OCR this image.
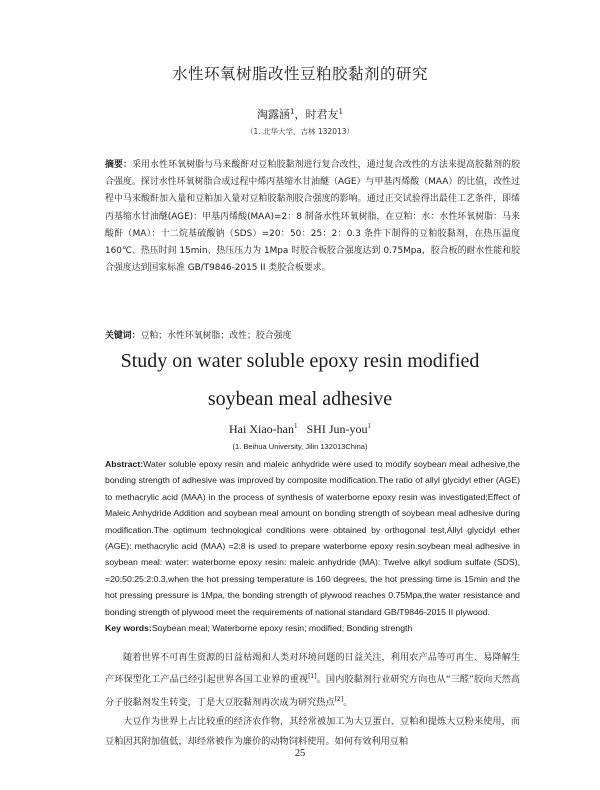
水性环氧树脂改性豆粕胶黏剂的研究
淘露涵$^1$，时君友$^1$
（1. 北华大学，吉林 132013）
摘要：采用水性环氧树脂与马来酸酐对豆粕胶黏剂进行复合改性，通过复合改性的方法来提高胶黏剂的胶合强度。探讨水性环氧树脂合成过程中烯丙基缩水甘油醚（AGE）与甲基丙烯酸（MAA）的比值，改性过程中马来酸酐加入量和豆粕加入量对豆粕胶黏剂胶合强度的影响。通过正交试验得出最佳工艺条件，即烯丙基缩水甘油醚(AGE)：甲基丙烯酸(MAA)=2：8 制备水性环氧树脂，在豆粕：水：水性环氧树脂：马来酸酐（MA）：十二烷基硫酸钠（SDS）=20：50：25：2：0.3 条件下制得的豆粕胶黏剂，在热压温度 160℃、热压时间 15min、热压压力为 1Mpa 时胶合板胶合强度达到 0.75Mpa，胶合板的耐水性能和胶合强度达到国家标准 GB/T9846-2015 II 类胶合板要求。
关键词：豆粕；水性环氧树脂；改性；胶合强度
Study on water soluble epoxy resin modified soybean meal adhesive
Hai Xiao-han$^1$ SHI Jun-you$^1$
(1. Beihua University, Jilin 132013China)
Abstract:Water soluble epoxy resin and maleic anhydride were used to modify soybean meal adhesive,the bonding strength of adhesive was improved by composite modification.The ratio of allyl glycidyl ether (AGE) to methacrylic acid (MAA) in the process of synthesis of waterborne epoxy resin was investigated;Effect of Maleic Anhydride Addition and soybean meal amount on bonding strength of soybean meal adhesive during modification.The optimum technological conditions were obtained by orthogonal test,Allyl glycidyl ether (AGE): methacrylic acid (MAA) =2:8 is used to prepare waterborne epoxy resin.soybean meal adhesive in soybean meal: water: waterborne epoxy resin: maleic anhydride (MA): Twelve alkyl sodium sulfate (SDS), =20:50:25:2:0.3,when the hot pressing temperature is 160 degrees, the hot pressing time is 15min and the hot pressing pressure is 1Mpa, the bonding strength of plywood reaches 0.75Mpa,the water resistance and bonding strength of plywood meet the requirements of national standard GB/T9846-2015 II plywood.
Key words:Soybean meal; Waterborne epoxy resin; modified; Bonding strength

随着世界不可再生资源的日益枯竭和人类对环境问题的日益关注，利用农产品等可再生、易降解生产环保型化工产品已经引起世界各国工业界的重视[1]。国内胶黏剂行业研究方向也从“三醛”胶向天然高分子胶黏剂发生转变，丁是大豆胶黏剂再次成为研究热点[2]。

大豆作为世界上占比较重的经济农作物，其经常被加工为大豆蛋白、豆粕和提炼大豆粉来使用，而豆粕因其附加值低，却经常被作为廉价的动物饲料使用。如何有效利用豆粕

25
